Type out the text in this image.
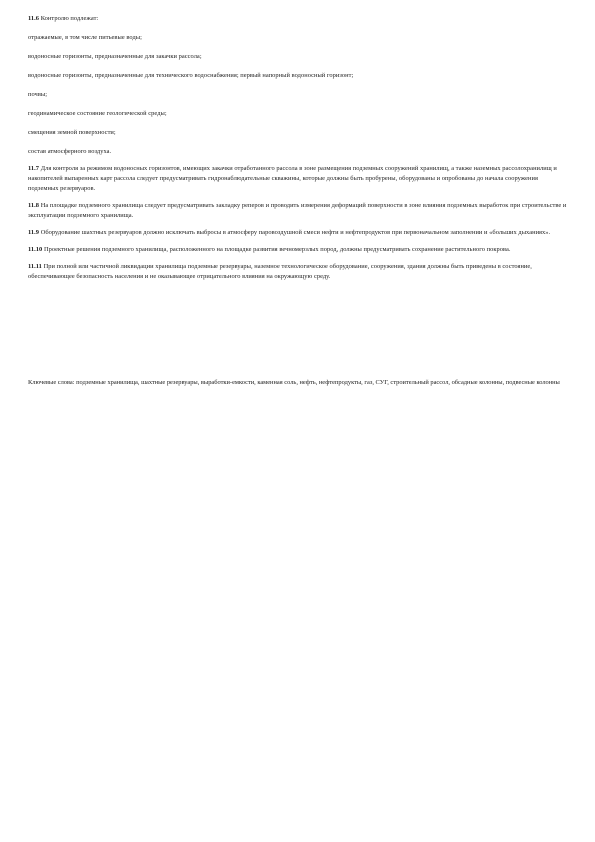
11.6 Контролю подлежат:

отражаемые, в том числе питьевые воды;

водоносные горизонты, предназначенные для закачки рассола;

водоносные горизонты, предназначенные для технического водоснабжения; первый напорный водоносный горизонт;

почвы;

геодинамическое состояние геологической среды;

смещения земной поверхности;

состав атмосферного воздуха.

11.7 Для контроля за режимом водоносных горизонтов, имеющих закачки отработанного рассола в зоне размещения подземных сооружений хранилищ, а также наземных рассолохранилищ и накопителей выпаренных карт рассола следует предусматривать гидронаблюдательные скважины, которые должны быть пробурены, оборудованы и опробованы до начала сооружения подземных резервуаров.

11.8 На площадке подземного хранилища следует предусматривать закладку реперов и проводить измерения деформаций поверхности в зоне влияния подземных выработок при строительстве и эксплуатации подземного хранилища.

11.9 Оборудование шахтных резервуаров должно исключать выбросы в атмосферу паровоздушной смеси нефти и нефтепродуктов при первоначальном заполнении и «больших дыханиях».

11.10 Проектные решения подземного хранилища, расположенного на площадке развития вечномерзлых пород, должны предусматривать сохранение растительного покрова.

11.11 При полной или частичной ликвидации хранилища подземные резервуары, наземное технологическое оборудование, сооружения, здания должны быть приведены в состояние, обеспечивающее безопасность населения и не оказывающее отрицательного влияния на окружающую среду.

Ключевые слова: подземные хранилища, шахтные резервуары, выработки-емкости, каменная соль, нефть, нефтепродукты, газ, СУГ, строительный рассол, обсадные колонны, подвесные колонны
